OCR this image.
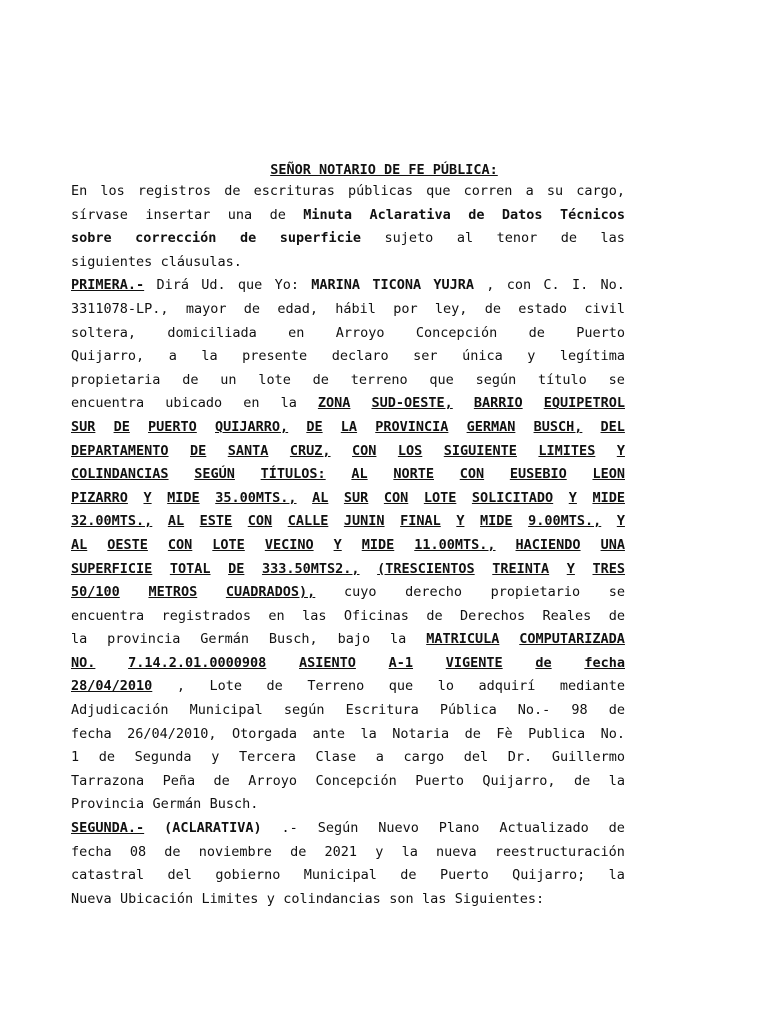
SEÑOR NOTARIO DE FE PÚBLICA:
En los registros de escrituras públicas que corren a su cargo,
sírvase insertar una de Minuta Aclarativa de Datos Técnicos
sobre corrección de superficie sujeto al tenor de las
siguientes cláusulas.
PRIMERA.- Dirá Ud. que Yo: MARINA TICONA YUJRA , con C. I. No.
3311078-LP., mayor de edad, hábil por ley, de estado civil
soltera, domiciliada en Arroyo Concepción de Puerto
Quijarro, a la presente declaro ser única y legítima
propietaria de un lote de terreno que según título se
encuentra ubicado en la ZONA SUD-OESTE, BARRIO EQUIPETROL
SUR DE PUERTO QUIJARRO, DE LA PROVINCIA GERMAN BUSCH, DEL
DEPARTAMENTO DE SANTA CRUZ, CON LOS SIGUIENTE LIMITES Y
COLINDANCIAS SEGÚN TÍTULOS: AL NORTE CON EUSEBIO LEON
PIZARRO Y MIDE 35.00MTS., AL SUR CON LOTE SOLICITADO Y MIDE
32.00MTS., AL ESTE CON CALLE JUNIN FINAL Y MIDE 9.00MTS., Y
AL OESTE CON LOTE VECINO Y MIDE 11.00MTS., HACIENDO UNA
SUPERFICIE TOTAL DE 333.50MTS2., (TRESCIENTOS TREINTA Y TRES
50/100 METROS CUADRADOS), cuyo derecho propietario se
encuentra registrados en las Oficinas de Derechos Reales de
la provincia Germán Busch, bajo la MATRICULA COMPUTARIZADA
NO. 7.14.2.01.0000908 ASIENTO A-1 VIGENTE de fecha
28/04/2010 , Lote de Terreno que lo adquirí mediante
Adjudicación Municipal según Escritura Pública No.- 98 de
fecha 26/04/2010, Otorgada ante la Notaria de Fè Publica No.
1 de Segunda y Tercera Clase a cargo del Dr. Guillermo
Tarrazona Peña de Arroyo Concepción Puerto Quijarro, de la
Provincia Germán Busch.
SEGUNDA.- (ACLARATIVA) .- Según Nuevo Plano Actualizado de
fecha 08 de noviembre de 2021 y la nueva reestructuración
catastral del gobierno Municipal de Puerto Quijarro; la
Nueva Ubicación Limites y colindancias son las Siguientes:
